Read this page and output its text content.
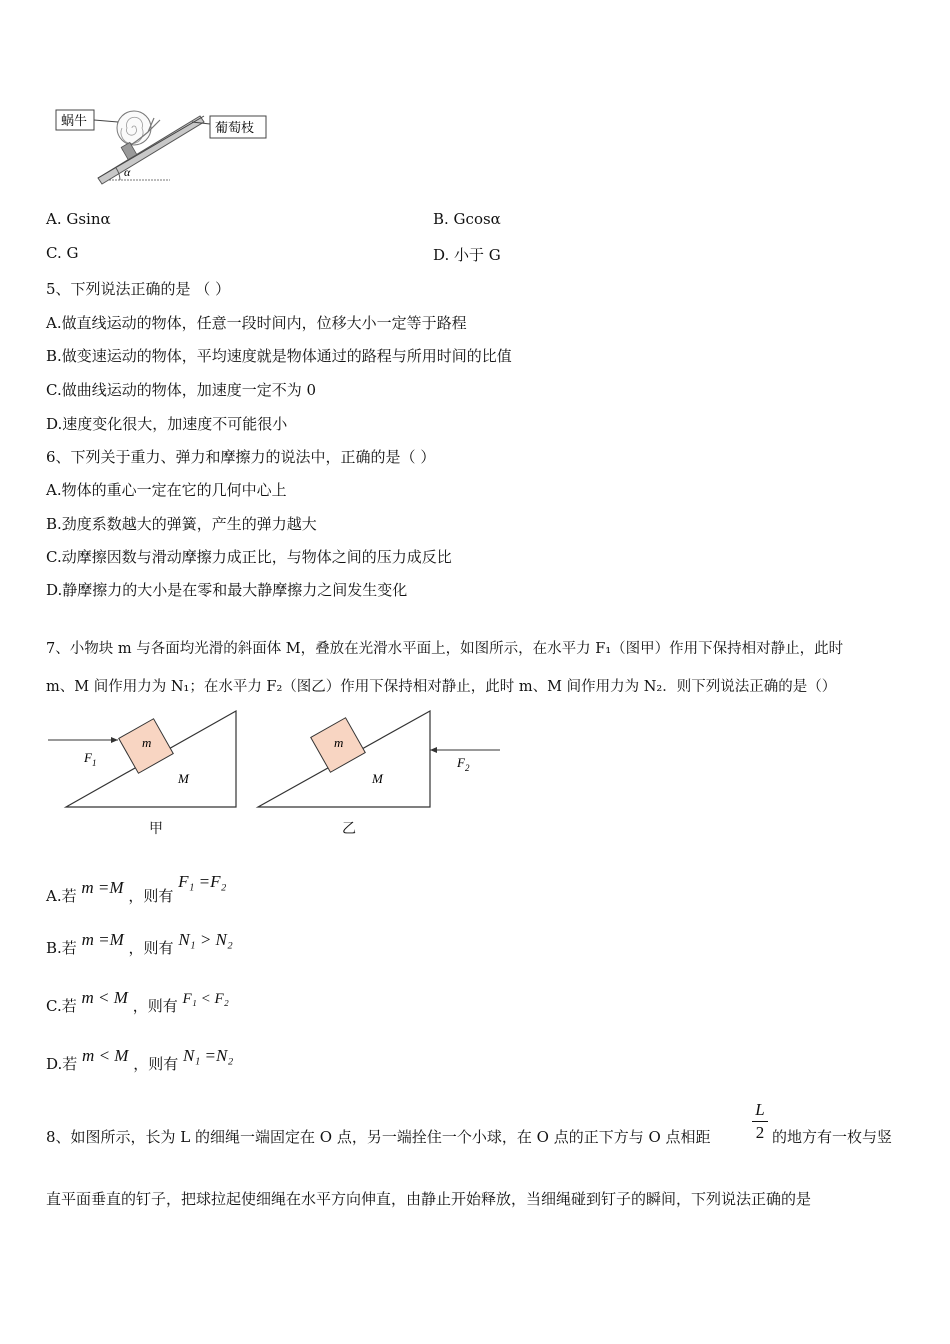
α
蜗牛	葡萄枝
A. Gsinα	B. Gcosα
C. G	D. 小于 G
5、下列说法正确的是 （ ）
A.做直线运动的物体，任意一段时间内，位移大小一定等于路程
B.做变速运动的物体，平均速度就是物体通过的路程与所用时间的比值
C.做曲线运动的物体，加速度一定不为 0
D.速度变化很大，加速度不可能很小
6、下列关于重力、弹力和摩擦力的说法中，正确的是（ ）
A.物体的重心一定在它的几何中心上
B.劲度系数越大的弹簧，产生的弹力越大
C.动摩擦因数与滑动摩擦力成正比，与物体之间的压力成反比
D.静摩擦力的大小是在零和最大静摩擦力之间发生变化
7、小物块 m 与各面均光滑的斜面体 M，叠放在光滑水平面上，如图所示，在水平力 F₁（图甲）作用下保持相对静止，此时
m、M 间作用力为 N₁；在水平力 F₂（图乙）作用下保持相对静止，此时 m、M 间作用力为 N₂．则下列说法正确的是（）
m
M
$F_1$
甲
m
M
$F_2$
乙
A.若 m =M ，则有 F₁ =F₂
B.若 m =M ，则有 N₁ > N₂
C.若 m < M ，则有 F₁ < F₂
D.若 m < M ，则有 N₁ =N₂
8、如图所示，长为 L 的细绳一端固定在 O 点，另一端拴住一个小球，在 O 点的正下方与 O 点相距
L
2 的地方有一枚与竖
直平面垂直的钉子，把球拉起使细绳在水平方向伸直，由静止开始释放，当细绳碰到钉子的瞬间，下列说法正确的是
